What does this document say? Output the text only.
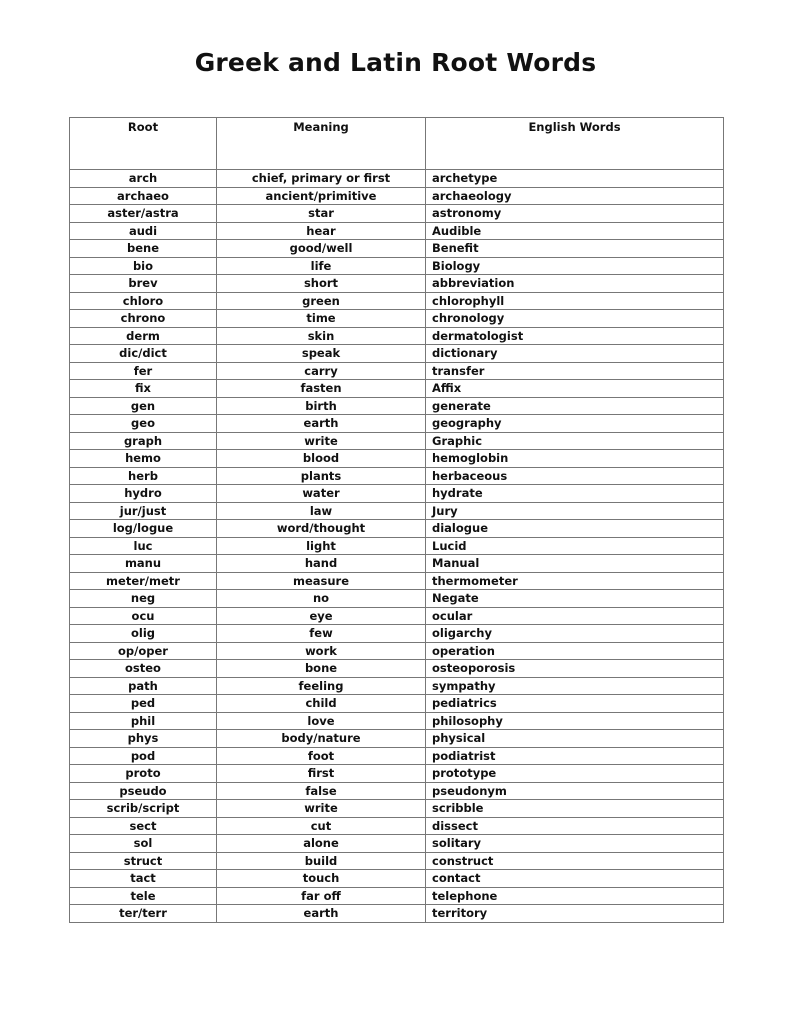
Greek and Latin Root Words
Root	Meaning	English Words
arch	chief, primary or first	archetype
archaeo	ancient/primitive	archaeology
aster/astra	star	astronomy
audi	hear	Audible
bene	good/well	Benefit
bio	life	Biology
brev	short	abbreviation
chloro	green	chlorophyll
chrono	time	chronology
derm	skin	dermatologist
dic/dict	speak	dictionary
fer	carry	transfer
fix	fasten	Affix
gen	birth	generate
geo	earth	geography
graph	write	Graphic
hemo	blood	hemoglobin
herb	plants	herbaceous
hydro	water	hydrate
jur/just	law	Jury
log/logue	word/thought	dialogue
luc	light	Lucid
manu	hand	Manual
meter/metr	measure	thermometer
neg	no	Negate
ocu	eye	ocular
olig	few	oligarchy
op/oper	work	operation
osteo	bone	osteoporosis
path	feeling	sympathy
ped	child	pediatrics
phil	love	philosophy
phys	body/nature	physical
pod	foot	podiatrist
proto	first	prototype
pseudo	false	pseudonym
scrib/script	write	scribble
sect	cut	dissect
sol	alone	solitary
struct	build	construct
tact	touch	contact
tele	far off	telephone
ter/terr	earth	territory
